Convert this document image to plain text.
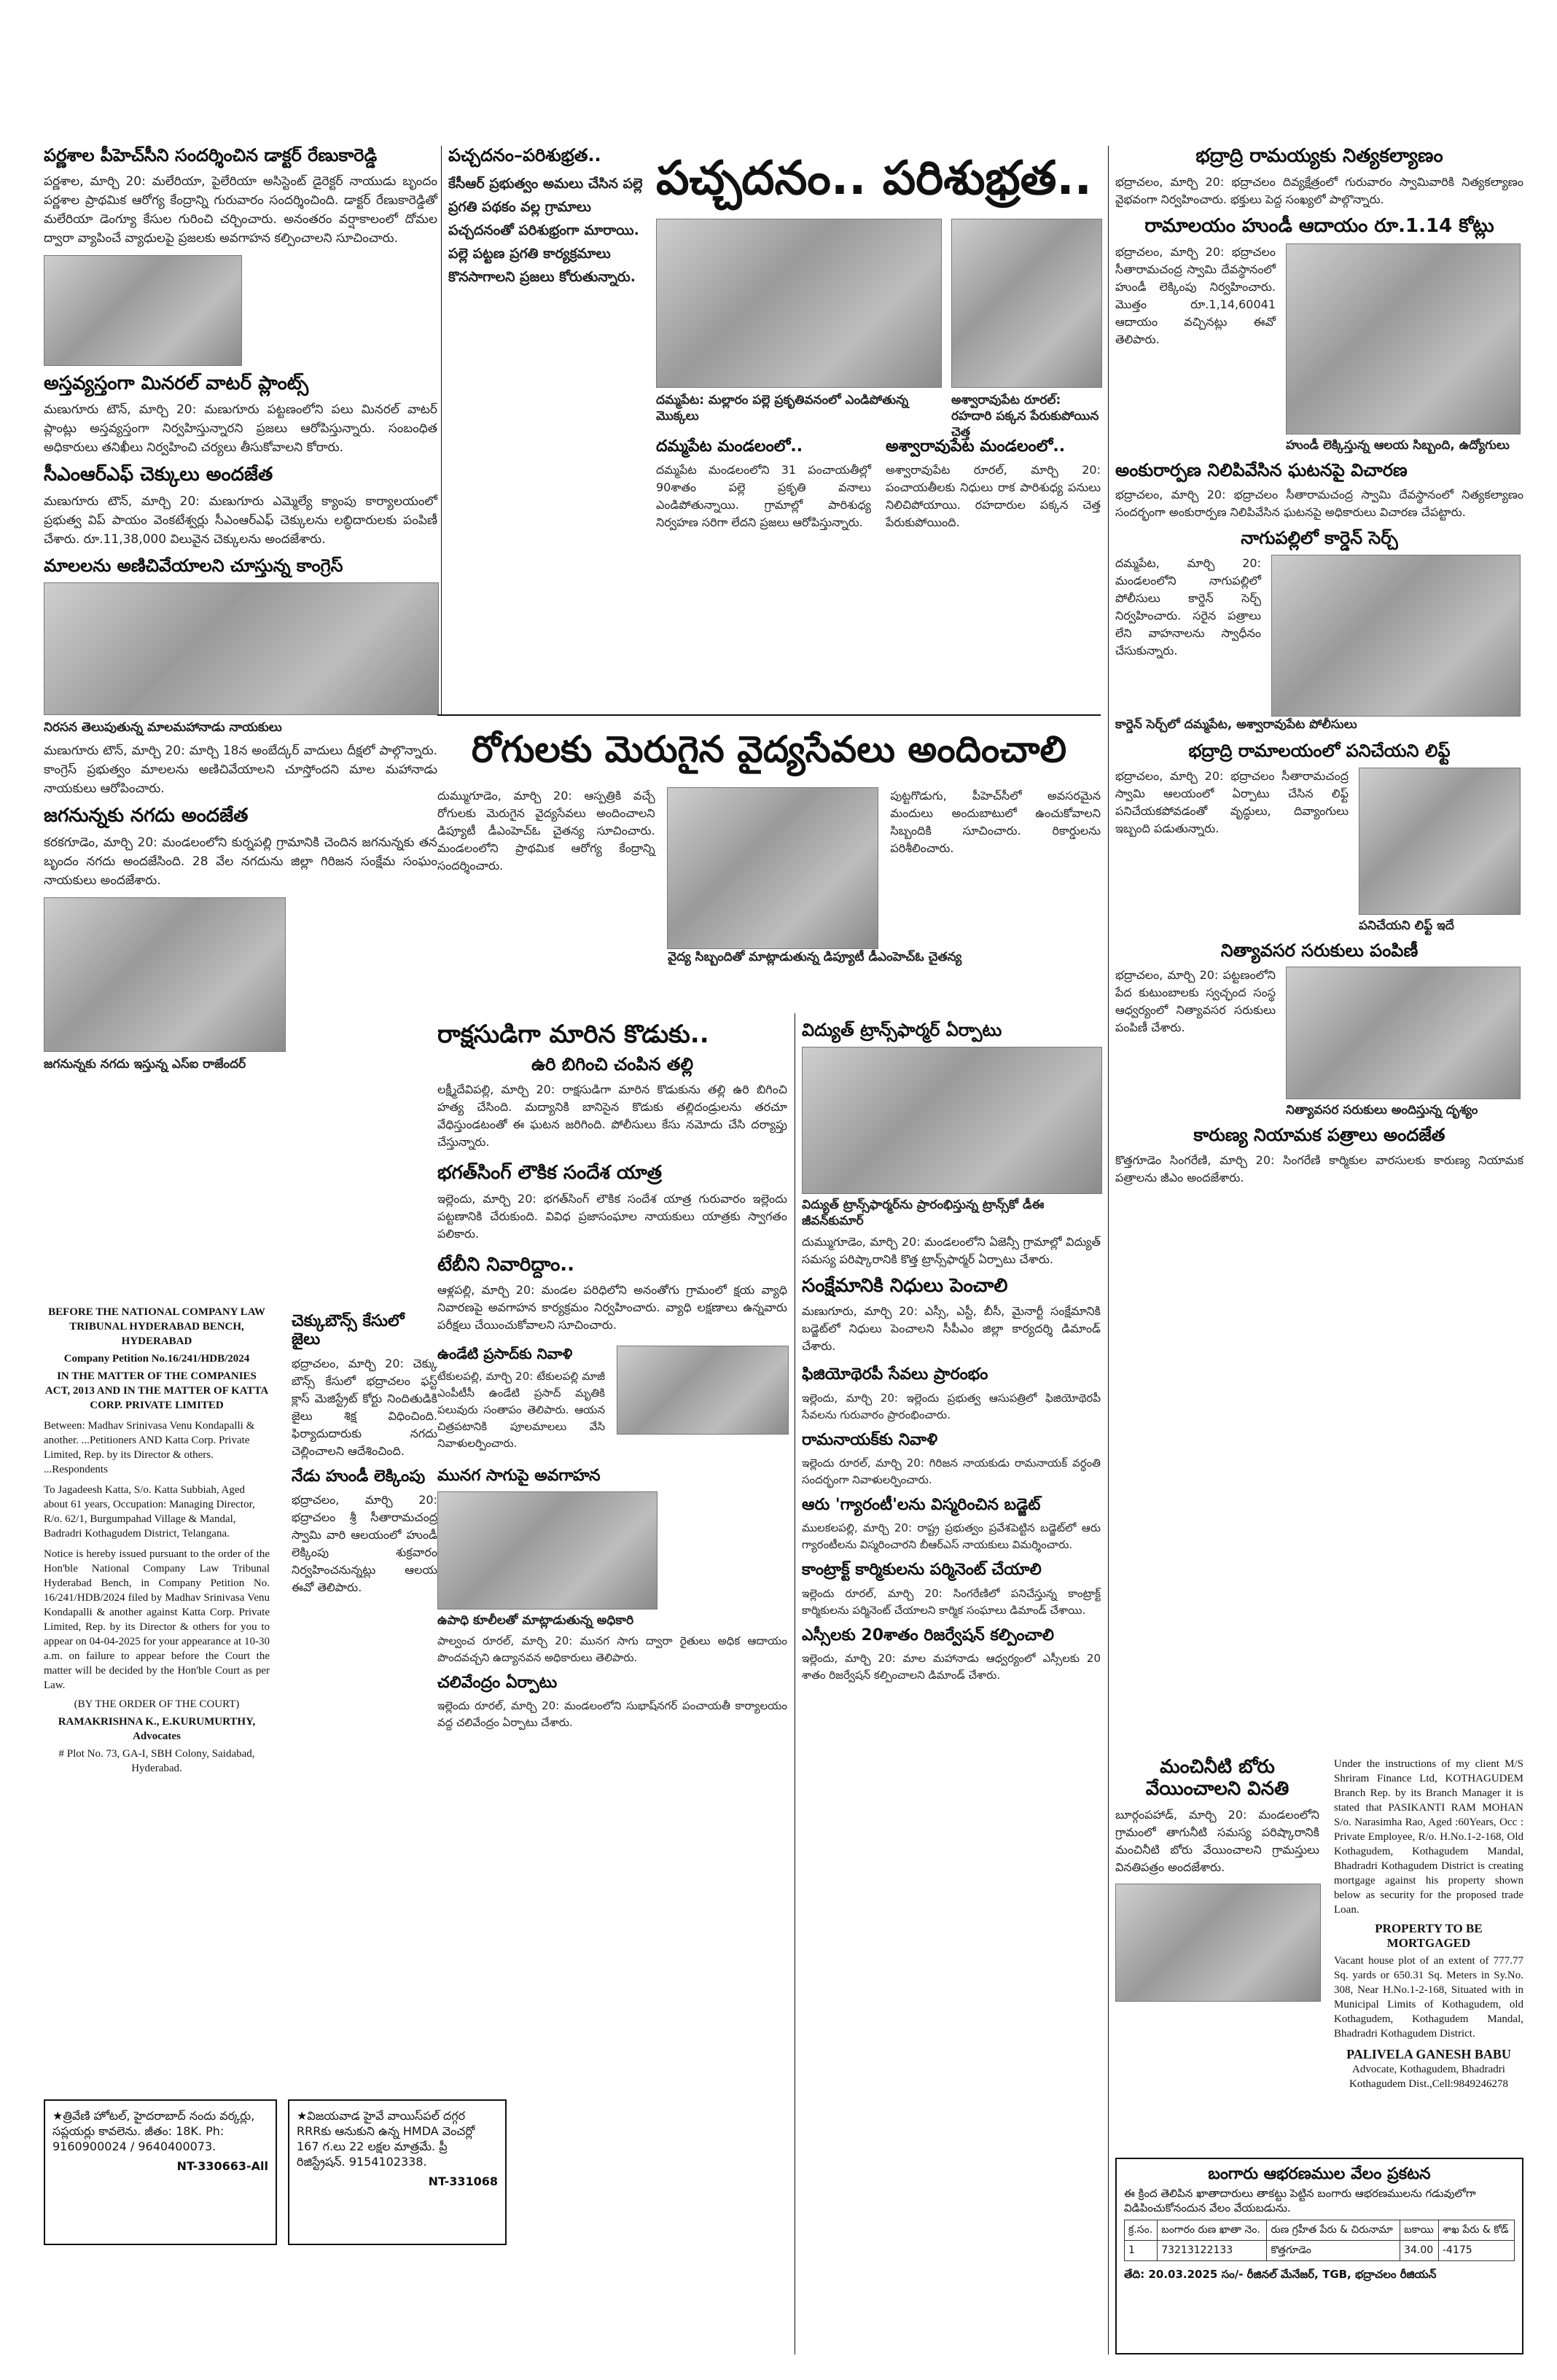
పర్ణశాల పీహెచ్‌సీని సందర్శించిన డాక్టర్ రేణుకారెడ్డి

పర్ణశాల, మార్చి 20: మలేరియా, పైలేరియా అసిస్టెంట్ డైరెక్టర్ నాయుడు బృందం పర్ణశాల ప్రాథమిక ఆరోగ్య కేంద్రాన్ని గురువారం సందర్శించింది. డాక్టర్ రేణుకారెడ్డితో మలేరియా డెంగ్యూ కేసుల గురించి చర్చించారు. అనంతరం వర్షాకాలంలో దోమల ద్వారా వ్యాపించే వ్యాధులపై ప్రజలకు అవగాహన కల్పించాలని సూచించారు.

అస్తవ్యస్తంగా మినరల్ వాటర్ ప్లాంట్స్

మణుగూరు టౌన్, మార్చి 20: మణుగూరు పట్టణంలోని పలు మినరల్ వాటర్ ప్లాంట్లు అస్తవ్యస్తంగా నిర్వహిస్తున్నారని ప్రజలు ఆరోపిస్తున్నారు. సంబంధిత అధికారులు తనిఖీలు నిర్వహించి చర్యలు తీసుకోవాలని కోరారు.

సీఎంఆర్ఎఫ్ చెక్కులు అందజేత

మణుగూరు టౌన్, మార్చి 20: మణుగూరు ఎమ్మెల్యే క్యాంపు కార్యాలయంలో ప్రభుత్వ విప్ పాయం వెంకటేశ్వర్లు సీఎంఆర్ఎఫ్ చెక్కులను లబ్ధిదారులకు పంపిణీ చేశారు. రూ.11,38,000 విలువైన చెక్కులను అందజేశారు.

మాలలను అణిచివేయాలని చూస్తున్న కాంగ్రెస్
నిరసన తెలుపుతున్న మాలమహానాడు నాయకులు

మణుగూరు టౌన్, మార్చి 20: మార్చి 18న అంబేద్కర్ వాదులు దీక్షలో పాల్గొన్నారు. కాంగ్రెస్ ప్రభుత్వం మాలలను అణిచివేయాలని చూస్తోందని మాల మహానాడు నాయకులు ఆరోపించారు.

జగనున్నకు నగదు అందజేత

కరకగూడెం, మార్చి 20: మండలంలోని కుర్నపల్లి గ్రామానికి చెందిన జగనున్నకు తన బృందం నగదు అందజేసింది. 28 వేల నగదును జిల్లా గిరిజన సంక్షేమ సంఘం నాయకులు అందజేశారు.

జగనున్నకు నగదు ఇస్తున్న ఎస్ఐ రాజేందర్
BEFORE THE NATIONAL COMPANY LAW TRIBUNAL HYDERABAD BENCH, HYDERABAD
Company Petition No.16/241/HDB/2024
IN THE MATTER OF THE COMPANIES ACT, 2013 AND IN THE MATTER OF KATTA CORP. PRIVATE LIMITED
Between: Madhav Srinivasa Venu Kondapalli & another. ...Petitioners AND Katta Corp. Private Limited, Rep. by its Director & others. ...Respondents
To Jagadeesh Katta, S/o. Katta Subbiah, Aged about 61 years, Occupation: Managing Director, R/o. 62/1, Burgumpahad Village & Mandal, Badradri Kothagudem District, Telangana.
Notice is hereby issued pursuant to the order of the Hon'ble National Company Law Tribunal Hyderabad Bench, in Company Petition No. 16/241/HDB/2024 filed by Madhav Srinivasa Venu Kondapalli & another against Katta Corp. Private Limited, Rep. by its Director & others for you to appear on 04-04-2025 for your appearance at 10-30 a.m. on failure to appear before the Court the matter will be decided by the Hon'ble Court as per Law.
(BY THE ORDER OF THE COURT)
RAMAKRISHNA K., E.KURUMURTHY, Advocates
# Plot No. 73, GA-I, SBH Colony, Saidabad, Hyderabad.
చెక్కుబౌన్స్ కేసులో జైలు

భద్రాచలం, మార్చి 20: చెక్కు బౌన్స్ కేసులో భద్రాచలం ఫస్ట్ క్లాస్ మెజిస్ట్రేట్ కోర్టు నిందితుడికి జైలు శిక్ష విధించింది. ఫిర్యాదుదారుకు నగదు చెల్లించాలని ఆదేశించింది.

నేడు హుండీ లెక్కింపు

భద్రాచలం, మార్చి 20: భద్రాచలం శ్రీ సీతారామచంద్ర స్వామి వారి ఆలయంలో హుండీ లెక్కింపు శుక్రవారం నిర్వహించనున్నట్లు ఆలయ ఈవో తెలిపారు.

పచ్చదనం–పరిశుభ్రత..

కేసీఆర్ ప్రభుత్వం అమలు చేసిన పల్లె ప్రగతి పథకం వల్ల గ్రామాలు పచ్చదనంతో పరిశుభ్రంగా మారాయి. పల్లె పట్టణ ప్రగతి కార్యక్రమాలు కొనసాగాలని ప్రజలు కోరుతున్నారు.

పచ్చదనం.. పరిశుభ్రత..
దమ్మపేట: మల్లారం పల్లె ప్రకృతివనంలో ఎండిపోతున్న మొక్కలు
అశ్వారావుపేట రూరల్: రహదారి పక్కన పేరుకుపోయిన చెత్త
దమ్మపేట మండలంలో..

దమ్మపేట మండలంలోని 31 పంచాయతీల్లో 90శాతం పల్లె ప్రకృతి వనాలు ఎండిపోతున్నాయి. గ్రామాల్లో పారిశుధ్య నిర్వహణ సరిగా లేదని ప్రజలు ఆరోపిస్తున్నారు.

అశ్వారావుపేట మండలంలో..

అశ్వారావుపేట రూరల్, మార్చి 20: పంచాయతీలకు నిధులు రాక పారిశుధ్య పనులు నిలిచిపోయాయి. రహదారుల పక్కన చెత్త పేరుకుపోయింది.

రోగులకు మెరుగైన వైద్యసేవలు అందించాలి

దుమ్ముగూడెం, మార్చి 20: ఆస్పత్రికి వచ్చే రోగులకు మెరుగైన వైద్యసేవలు అందించాలని డిప్యూటీ డీఎంహెచ్ఓ చైతన్య సూచించారు. మండలంలోని ప్రాథమిక ఆరోగ్య కేంద్రాన్ని సందర్శించారు.

పుట్టగొడుగు, పీహెచ్‌సీలో అవసరమైన మందులు అందుబాటులో ఉంచుకోవాలని సిబ్బందికి సూచించారు. రికార్డులను పరిశీలించారు.

వైద్య సిబ్బందితో మాట్లాడుతున్న డిప్యూటీ డీఎంహెచ్ఓ చైతన్య
రాక్షసుడిగా మారిన కొడుకు..
ఉరి బిగించి చంపిన తల్లి

లక్ష్మీదేవిపల్లి, మార్చి 20: రాక్షసుడిగా మారిన కొడుకును తల్లి ఉరి బిగించి హత్య చేసింది. మద్యానికి బానిసైన కొడుకు తల్లిదండ్రులను తరచూ వేధిస్తుండటంతో ఈ ఘటన జరిగింది. పోలీసులు కేసు నమోదు చేసి దర్యాప్తు చేస్తున్నారు.

భగత్‌సింగ్ లౌకిక సందేశ యాత్ర

ఇల్లెందు, మార్చి 20: భగత్‌సింగ్ లౌకిక సందేశ యాత్ర గురువారం ఇల్లెందు పట్టణానికి చేరుకుంది. వివిధ ప్రజాసంఘాల నాయకులు యాత్రకు స్వాగతం పలికారు.

టేబీని నివారిద్దాం..

ఆళ్లపల్లి, మార్చి 20: మండల పరిధిలోని అనంతోగు గ్రామంలో క్షయ వ్యాధి నివారణపై అవగాహన కార్యక్రమం నిర్వహించారు. వ్యాధి లక్షణాలు ఉన్నవారు పరీక్షలు చేయించుకోవాలని సూచించారు.

ఉండేటి ప్రసాద్‌కు నివాళి

టేకులపల్లి, మార్చి 20: టేకులపల్లి మాజీ ఎంపీటీసీ ఉండేటి ప్రసాద్ మృతికి పలువురు సంతాపం తెలిపారు. ఆయన చిత్రపటానికి పూలమాలలు వేసి నివాళులర్పించారు.

మునగ సాగుపై అవగాహన
ఉపాధి కూలీలతో మాట్లాడుతున్న అధికారి

పాల్వంచ రూరల్, మార్చి 20: మునగ సాగు ద్వారా రైతులు అధిక ఆదాయం పొందవచ్చని ఉద్యానవన అధికారులు తెలిపారు.

చలివేంద్రం ఏర్పాటు

ఇల్లెందు రూరల్, మార్చి 20: మండలంలోని సుభాష్‌నగర్ పంచాయతీ కార్యాలయం వద్ద చలివేంద్రం ఏర్పాటు చేశారు.

విద్యుత్ ట్రాన్స్‌ఫార్మర్ ఏర్పాటు
విద్యుత్ ట్రాన్స్‌ఫార్మర్‌ను ప్రారంభిస్తున్న ట్రాన్స్‌కో డీఈ జీవన్‌కుమార్

దుమ్ముగూడెం, మార్చి 20: మండలంలోని ఏజెన్సీ గ్రామాల్లో విద్యుత్ సమస్య పరిష్కారానికి కొత్త ట్రాన్స్‌ఫార్మర్ ఏర్పాటు చేశారు.

సంక్షేమానికి నిధులు పెంచాలి

మణుగూరు, మార్చి 20: ఎస్సీ, ఎస్టీ, బీసీ, మైనార్టీ సంక్షేమానికి బడ్జెట్‌లో నిధులు పెంచాలని సీపీఎం జిల్లా కార్యదర్శి డిమాండ్ చేశారు.

ఫిజియోథెరపీ సేవలు ప్రారంభం

ఇల్లెందు, మార్చి 20: ఇల్లెందు ప్రభుత్వ ఆసుపత్రిలో ఫిజియోథెరపీ సేవలను గురువారం ప్రారంభించారు.

రామనాయక్‌కు నివాళి

ఇల్లెందు రూరల్, మార్చి 20: గిరిజన నాయకుడు రామనాయక్ వర్ధంతి సందర్భంగా నివాళులర్పించారు.

ఆరు 'గ్యారంటీ'లను విస్మరించిన బడ్జెట్

ములకలపల్లి, మార్చి 20: రాష్ట్ర ప్రభుత్వం ప్రవేశపెట్టిన బడ్జెట్‌లో ఆరు గ్యారంటీలను విస్మరించారని బీఆర్ఎస్ నాయకులు విమర్శించారు.

కాంట్రాక్ట్ కార్మికులను పర్మినెంట్ చేయాలి

ఇల్లెందు రూరల్, మార్చి 20: సింగరేణిలో పనిచేస్తున్న కాంట్రాక్ట్ కార్మికులను పర్మినెంట్ చేయాలని కార్మిక సంఘాలు డిమాండ్ చేశాయి.

ఎస్సీలకు 20శాతం రిజర్వేషన్ కల్పించాలి

ఇల్లెందు, మార్చి 20: మాల మహానాడు ఆధ్వర్యంలో ఎస్సీలకు 20 శాతం రిజర్వేషన్ కల్పించాలని డిమాండ్ చేశారు.

భద్రాద్రి రామయ్యకు నిత్యకల్యాణం

భద్రాచలం, మార్చి 20: భద్రాచలం దివ్యక్షేత్రంలో గురువారం స్వామివారికి నిత్యకల్యాణం వైభవంగా నిర్వహించారు. భక్తులు పెద్ద సంఖ్యలో పాల్గొన్నారు.

రామాలయం హుండీ ఆదాయం రూ.1.14 కోట్లు

భద్రాచలం, మార్చి 20: భద్రాచలం సీతారామచంద్ర స్వామి దేవస్థానంలో హుండీ లెక్కింపు నిర్వహించారు. మొత్తం రూ.1,14,60041 ఆదాయం వచ్చినట్లు ఈవో తెలిపారు.

హుండీ లెక్కిస్తున్న ఆలయ సిబ్బంది, ఉద్యోగులు
అంకురార్పణ నిలిపివేసిన ఘటనపై విచారణ

భద్రాచలం, మార్చి 20: భద్రాచలం సీతారామచంద్ర స్వామి దేవస్థానంలో నిత్యకల్యాణం సందర్భంగా అంకురార్పణ నిలిపివేసిన ఘటనపై అధికారులు విచారణ చేపట్టారు.

నాగుపల్లిలో కార్డెన్ సెర్చ్

దమ్మపేట, మార్చి 20: మండలంలోని నాగుపల్లిలో పోలీసులు కార్డెన్ సెర్చ్ నిర్వహించారు. సరైన పత్రాలు లేని వాహనాలను స్వాధీనం చేసుకున్నారు.

కార్డెన్ సెర్చ్‌లో దమ్మపేట, అశ్వారావుపేట పోలీసులు
భద్రాద్రి రామాలయంలో పనిచేయని లిఫ్ట్

భద్రాచలం, మార్చి 20: భద్రాచలం సీతారామచంద్ర స్వామి ఆలయంలో ఏర్పాటు చేసిన లిఫ్ట్ పనిచేయకపోవడంతో వృద్ధులు, దివ్యాంగులు ఇబ్బంది పడుతున్నారు.

పనిచేయని లిఫ్ట్ ఇదే
నిత్యావసర సరుకులు పంపిణీ

భద్రాచలం, మార్చి 20: పట్టణంలోని పేద కుటుంబాలకు స్వచ్ఛంద సంస్థ ఆధ్వర్యంలో నిత్యావసర సరుకులు పంపిణీ చేశారు.

నిత్యావసర సరుకులు అందిస్తున్న దృశ్యం
కారుణ్య నియామక పత్రాలు అందజేత

కొత్తగూడెం సింగరేణి, మార్చి 20: సింగరేణి కార్మికుల వారసులకు కారుణ్య నియామక పత్రాలను జీఎం అందజేశారు.

మంచినీటి బోరు వేయించాలని వినతి

బూర్గంపహాడ్, మార్చి 20: మండలంలోని గ్రామంలో తాగునీటి సమస్య పరిష్కారానికి మంచినీటి బోరు వేయించాలని గ్రామస్తులు వినతిపత్రం అందజేశారు.

Under the instructions of my client M/S Shriram Finance Ltd, KOTHAGUDEM Branch Rep. by its Branch Manager it is stated that PASIKANTI RAM MOHAN S/o. Narasimha Rao, Aged :60Years, Occ : Private Employee, R/o. H.No.1-2-168, Old Kothagudem, Kothagudem Mandal, Bhadradri Kothagudem District is creating mortgage against his property shown below as security for the proposed trade Loan.
PROPERTY TO BE MORTGAGED
Vacant house plot of an extent of 777.77 Sq. yards or 650.31 Sq. Meters in Sy.No. 308, Near H.No.1-2-168, Situated with in Municipal Limits of Kothagudem, old Kothagudem, Kothagudem Mandal, Bhadradri Kothagudem District.
PALIVELA GANESH BABU
Advocate, Kothagudem, Bhadradri Kothagudem Dist.,Cell:9849246278
★త్రివేణి హోటల్, హైదరాబాద్ నందు వర్కర్లు, సప్లయర్లు కావలెను. జీతం: 18K. Ph: 9160900024 / 9640400073.
NT-330663-All
★విజయవాడ హైవే వాయిస్‌పల్ దగ్గర RRRకు ఆనుకుని ఉన్న HMDA వెంచర్లో 167 గ.లు 22 లక్షల మాత్రమే. ప్రీ రిజిస్ట్రేషన్. 9154102338.
NT-331068	బంగారు ఆభరణముల వేలం ప్రకటన
ఈ క్రింద తెలిపిన ఖాతాదారులు తాకట్టు పెట్టిన బంగారు ఆభరణములను గడువులోగా విడిపించుకోనందున వేలం వేయబడును.
క్ర.సం.	బంగారం రుణ ఖాతా నెం.	రుణ గ్రహీత పేరు & చిరునామా	బకాయి	శాఖ పేరు & కోడ్
1	73213122133	కొత్తగూడెం	34.00	-4175
తేది: 20.03.2025 సం/- రీజినల్ మేనేజర్, TGB, భద్రాచలం రీజియన్
